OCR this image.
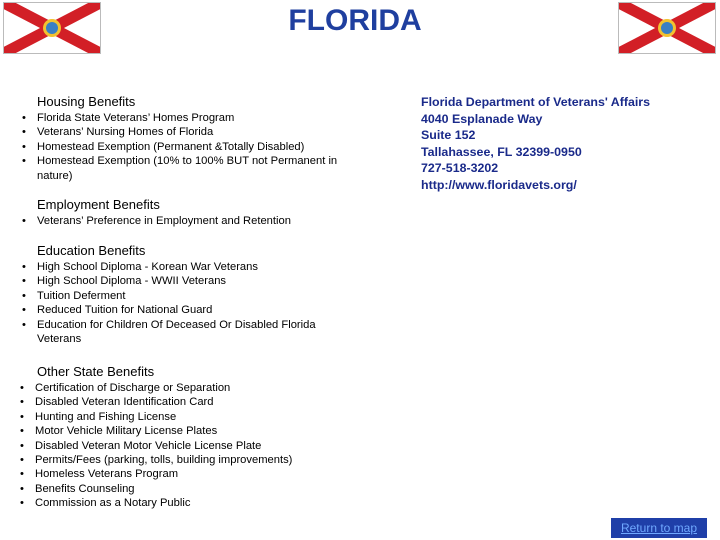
FLORIDA
Housing Benefits
• Florida State Veterans’ Homes Program
• Veterans’ Nursing Homes of Florida
• Homestead Exemption (Permanent &Totally Disabled)
• Homestead Exemption (10% to 100% BUT not Permanent in nature)
Employment Benefits
• Veterans’ Preference in Employment and Retention
Education Benefits
• High School Diploma - Korean War Veterans
• High School Diploma - WWII Veterans
• Tuition Deferment
• Reduced Tuition for National Guard
• Education for Children Of Deceased Or Disabled Florida Veterans
Other State Benefits
• Certification of Discharge or Separation
• Disabled Veteran Identification Card
• Hunting and Fishing License
• Motor Vehicle Military License Plates
• Disabled Veteran Motor Vehicle License Plate
• Permits/Fees (parking, tolls, building improvements)
• Homeless Veterans Program
• Benefits Counseling
• Commission as a Notary Public
Florida Department of Veterans' Affairs
4040 Esplanade Way
Suite 152
Tallahassee, FL 32399-0950
727-518-3202
http://www.floridavets.org/
Return to map
